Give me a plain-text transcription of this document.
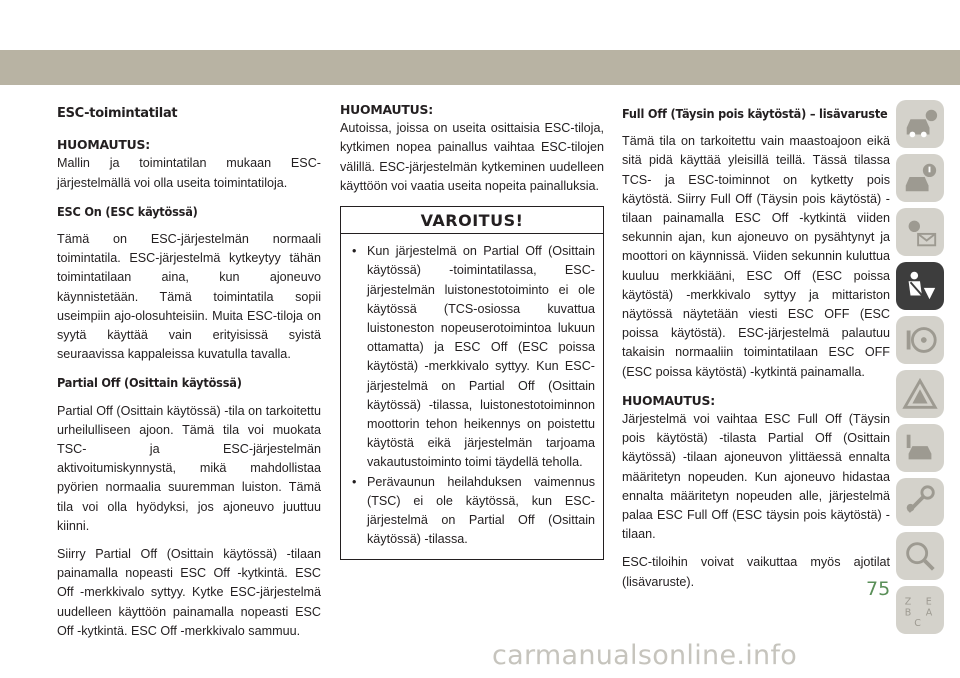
ESC-toimintatilat
HUOMAUTUS:

Mallin ja toimintatilan mukaan ESC-järjestelmällä voi olla useita toimintatiloja.

ESC On (ESC käytössä)

Tämä on ESC-järjestelmän normaali toimintatila. ESC-järjestelmä kytkeytyy tähän toimintatilaan aina, kun ajoneuvo käynnistetään. Tämä toimintatila sopii useimpiin ajo-olosuhteisiin. Muita ESC-tiloja on syytä käyttää vain erityisissä syistä seuraavissa kappaleissa kuvatulla tavalla.

Partial Off (Osittain käytössä)

Partial Off (Osittain käytössä) -tila on tarkoitettu urheilulliseen ajoon. Tämä tila voi muokata TSC- ja ESC-järjestelmän aktivoitumiskynnystä, mikä mahdollistaa pyörien normaalia suuremman luiston. Tämä tila voi olla hyödyksi, jos ajoneuvo juuttuu kiinni.

Siirry Partial Off (Osittain käytössä) -tilaan painamalla nopeasti ESC Off -kytkintä. ESC Off -merkkivalo syttyy. Kytke ESC-järjestelmä uudelleen käyttöön painamalla nopeasti ESC Off -kytkintä. ESC Off -merkkivalo sammuu.

HUOMAUTUS:

Autoissa, joissa on useita osittaisia ESC-tiloja, kytkimen nopea painallus vaihtaa ESC-tilojen välillä. ESC-järjestelmän kytkeminen uudelleen käyttöön voi vaatia useita nopeita painalluksia.

VAROITUS!
• Kun järjestelmä on Partial Off (Osittain käytössä) -toimintatilassa, ESC-järjestelmän luistonestotoiminto ei ole käytössä (TCS-osiossa kuvattua luistoneston nopeuserotoimintoa lukuun ottamatta) ja ESC Off (ESC poissa käytöstä) -merkkivalo syttyy. Kun ESC-järjestelmä on Partial Off (Osittain käytössä) -tilassa, luistonestotoiminnon moottorin tehon heikennys on poistettu käytöstä eikä järjestelmän tarjoama vakautustoiminto toimi täydellä teholla.
• Perävaunun heilahduksen vaimennus (TSC) ei ole käytössä, kun ESC-järjestelmä on Partial Off (Osittain käytössä) -tilassa.
Full Off (Täysin pois käytöstä) – lisävaruste

Tämä tila on tarkoitettu vain maastoajoon eikä sitä pidä käyttää yleisillä teillä. Tässä tilassa TCS- ja ESC-toiminnot on kytketty pois käytöstä. Siirry Full Off (Täysin pois käytöstä) -tilaan painamalla ESC Off -kytkintä viiden sekunnin ajan, kun ajoneuvo on pysähtynyt ja moottori on käynnissä. Viiden sekunnin kuluttua kuuluu merkkiääni, ESC Off (ESC poissa käytöstä) -merkkivalo syttyy ja mittariston näytössä näytetään viesti ESC OFF (ESC poissa käytöstä). ESC-järjestelmä palautuu takaisin normaaliin toimintatilaan ESC OFF (ESC poissa käytöstä) -kytkintä painamalla.

HUOMAUTUS:

Järjestelmä voi vaihtaa ESC Full Off (Täysin pois käytöstä) -tilasta Partial Off (Osittain käytössä) -tilaan ajoneuvon ylittäessä ennalta määritetyn nopeuden. Kun ajoneuvo hidastaa ennalta määritetyn nopeuden alle, järjestelmä palaa ESC Full Off (ESC täysin pois käytöstä) -tilaan.

ESC-tiloihin voivat vaikuttaa myös ajotilat (lisävaruste).

Z E
B A
C
75
carmanualsonline.info
